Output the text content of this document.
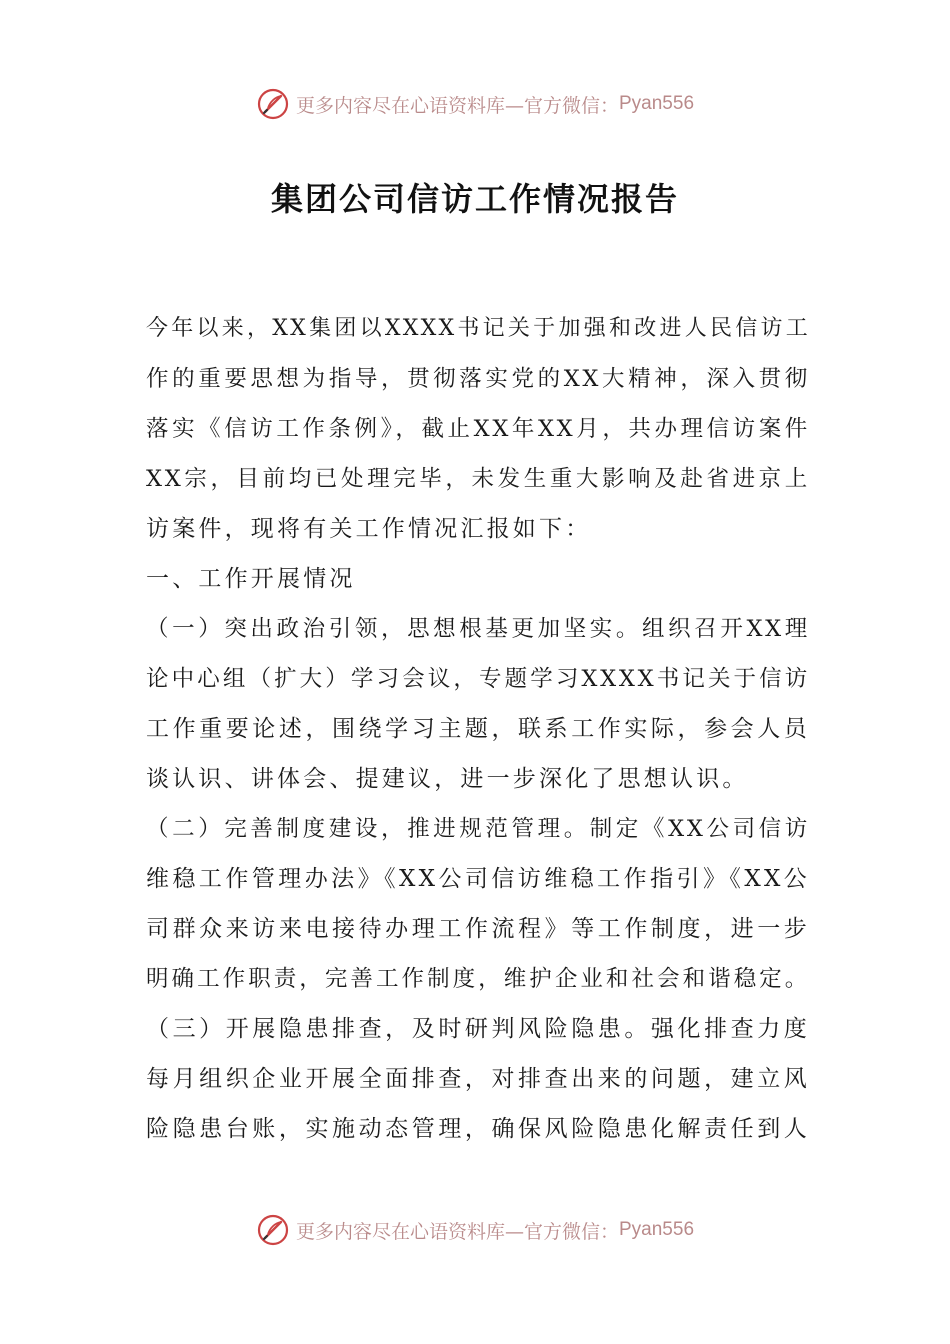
更多内容尽在心语资料库—官方微信： Pyan556
集团公司信访工作情况报告
今年以来，XX集团以XXXX书记关于加强和改进人民信访工
作的重要思想为指导，贯彻落实党的XX大精神，深入贯彻
落实《信访工作条例》，截止XX年XX月，共办理信访案件
XX宗，目前均已处理完毕，未发生重大影响及赴省进京上
访案件，现将有关工作情况汇报如下：
一、工作开展情况
（一）突出政治引领，思想根基更加坚实。组织召开XX理
论中心组（扩大）学习会议，专题学习XXXX书记关于信访
工作重要论述，围绕学习主题，联系工作实际，参会人员
谈认识、讲体会、提建议，进一步深化了思想认识。
（二）完善制度建设，推进规范管理。制定《XX公司信访
维稳工作管理办法》《XX公司信访维稳工作指引》《XX公
司群众来访来电接待办理工作流程》等工作制度，进一步
明确工作职责，完善工作制度，维护企业和社会和谐稳定。
（三）开展隐患排查，及时研判风险隐患。强化排查力度
每月组织企业开展全面排查，对排查出来的问题，建立风
险隐患台账，实施动态管理，确保风险隐患化解责任到人
更多内容尽在心语资料库—官方微信： Pyan556
